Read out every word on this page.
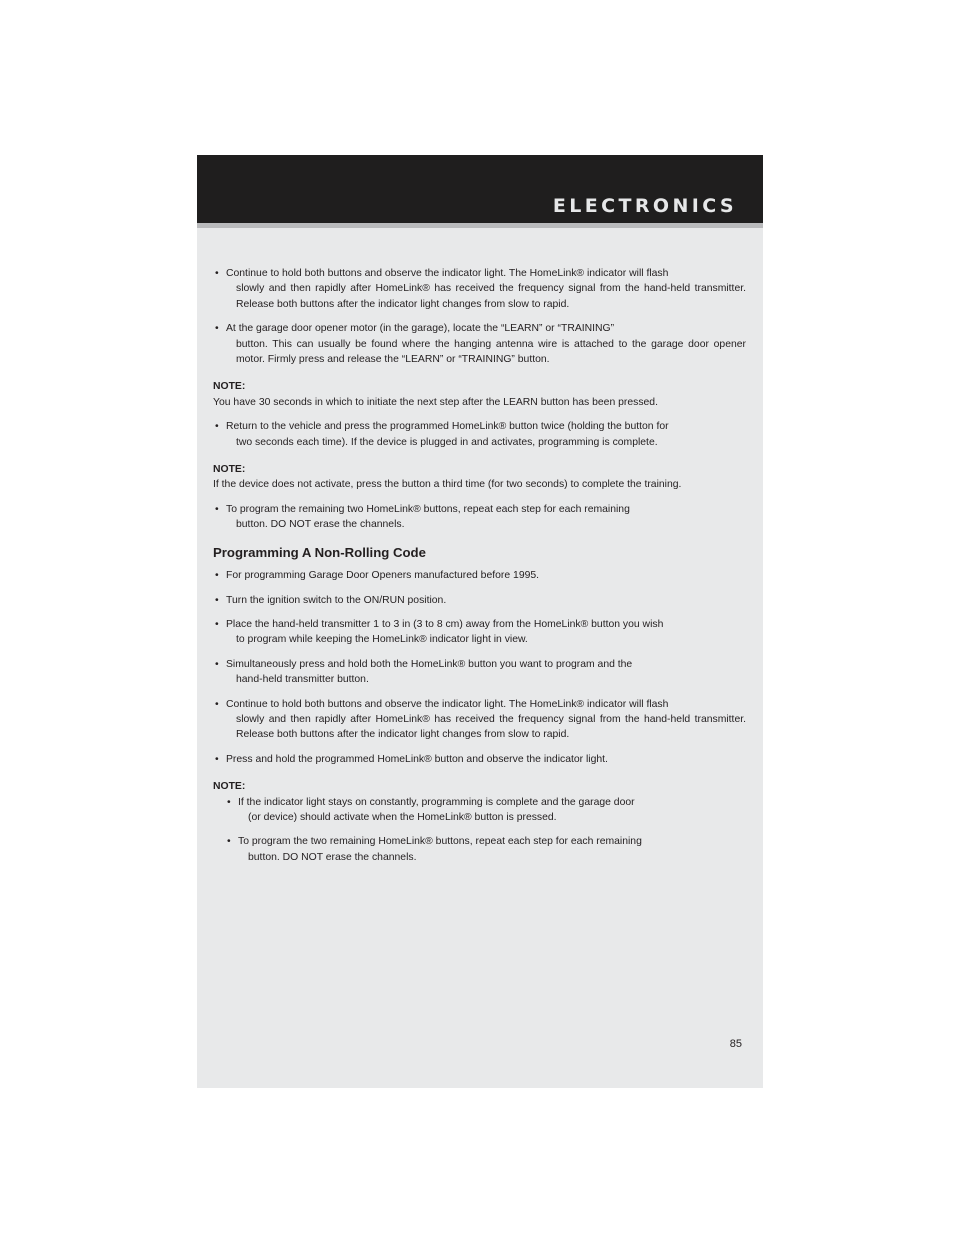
ELECTRONICS
• Continue to hold both buttons and observe the indicator light. The HomeLink® indicator will flash
slowly and then rapidly after HomeLink® has received the frequency signal from the hand-held transmitter. Release both buttons after the indicator light changes from slow to rapid.
• At the garage door opener motor (in the garage), locate the “LEARN” or “TRAINING”
button. This can usually be found where the hanging antenna wire is attached to the garage door opener motor. Firmly press and release the “LEARN” or “TRAINING” button.

NOTE:

You have 30 seconds in which to initiate the next step after the LEARN button has been pressed.

• Return to the vehicle and press the programmed HomeLink® button twice (holding the button for
two seconds each time). If the device is plugged in and activates, programming is complete.

NOTE:

If the device does not activate, press the button a third time (for two seconds) to complete the training.

• To program the remaining two HomeLink® buttons, repeat each step for each remaining
button. DO NOT erase the channels.
Programming A Non-Rolling Code
• For programming Garage Door Openers manufactured before 1995.
• Turn the ignition switch to the ON/RUN position.
• Place the hand-held transmitter 1 to 3 in (3 to 8 cm) away from the HomeLink® button you wish
to program while keeping the HomeLink® indicator light in view.
• Simultaneously press and hold both the HomeLink® button you want to program and the
hand-held transmitter button.
• Continue to hold both buttons and observe the indicator light. The HomeLink® indicator will flash
slowly and then rapidly after HomeLink® has received the frequency signal from the hand-held transmitter. Release both buttons after the indicator light changes from slow to rapid.
• Press and hold the programmed HomeLink® button and observe the indicator light.

NOTE:

• If the indicator light stays on constantly, programming is complete and the garage door
(or device) should activate when the HomeLink® button is pressed.
• To program the two remaining HomeLink® buttons, repeat each step for each remaining
button. DO NOT erase the channels.

85
